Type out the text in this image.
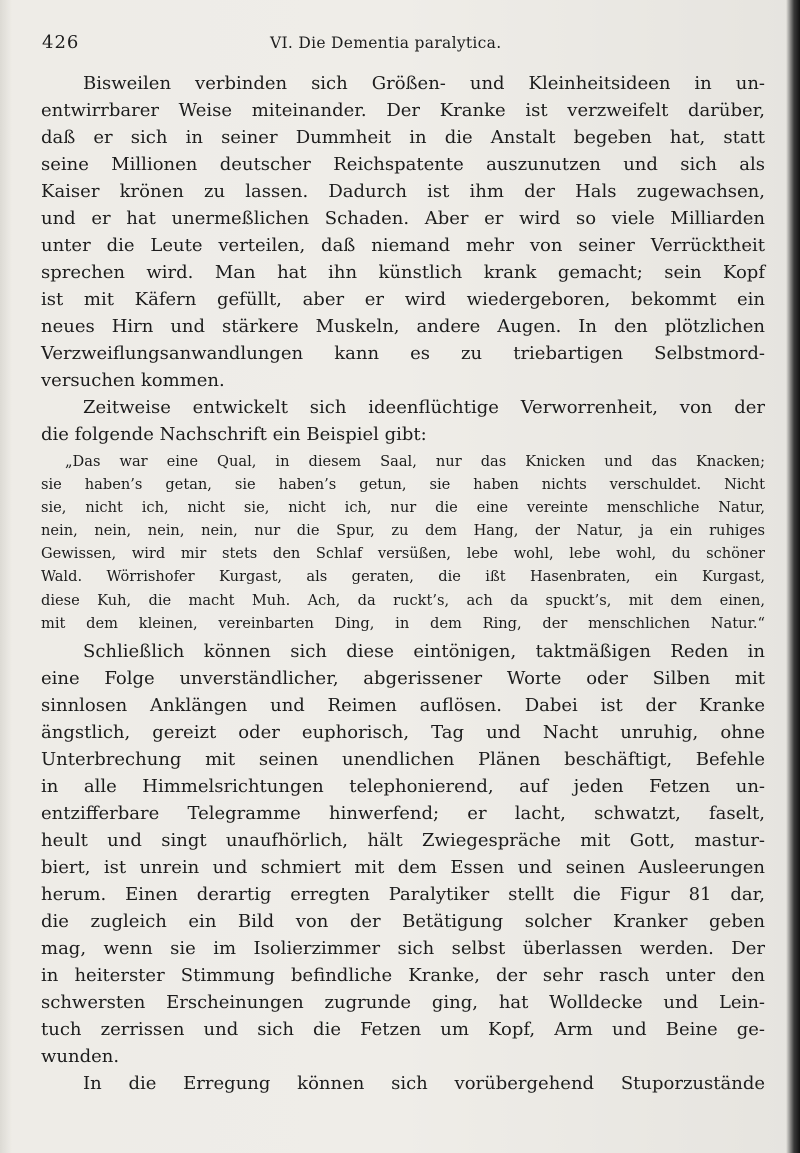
426	VI. Die Dementia paralytica.
Bisweilen verbinden sich Größen- und Kleinheitsideen in un-
entwirrbarer Weise miteinander. Der Kranke ist verzweifelt darüber,
daß er sich in seiner Dummheit in die Anstalt begeben hat, statt
seine Millionen deutscher Reichspatente auszunutzen und sich als
Kaiser krönen zu lassen. Dadurch ist ihm der Hals zugewachsen,
und er hat unermeßlichen Schaden. Aber er wird so viele Milliarden
unter die Leute verteilen, daß niemand mehr von seiner Verrücktheit
sprechen wird. Man hat ihn künstlich krank gemacht; sein Kopf
ist mit Käfern gefüllt, aber er wird wiedergeboren, bekommt ein
neues Hirn und stärkere Muskeln, andere Augen. In den plötzlichen
Verzweiflungsanwandlungen kann es zu triebartigen Selbstmord-
versuchen kommen.
Zeitweise entwickelt sich ideenflüchtige Verworrenheit, von der
die folgende Nachschrift ein Beispiel gibt:
„Das war eine Qual, in diesem Saal, nur das Knicken und das Knacken;
sie haben’s getan, sie haben’s getun, sie haben nichts verschuldet. Nicht
sie, nicht ich, nicht sie, nicht ich, nur die eine vereinte menschliche Natur,
nein, nein, nein, nein, nur die Spur, zu dem Hang, der Natur, ja ein ruhiges
Gewissen, wird mir stets den Schlaf versüßen, lebe wohl, lebe wohl, du schöner
Wald. Wörrishofer Kurgast, als geraten, die ißt Hasenbraten, ein Kurgast,
diese Kuh, die macht Muh. Ach, da ruckt’s, ach da spuckt’s, mit dem einen,
mit dem kleinen, vereinbarten Ding, in dem Ring, der menschlichen Natur.“
Schließlich können sich diese eintönigen, taktmäßigen Reden in
eine Folge unverständlicher, abgerissener Worte oder Silben mit
sinnlosen Anklängen und Reimen auflösen. Dabei ist der Kranke
ängstlich, gereizt oder euphorisch, Tag und Nacht unruhig, ohne
Unterbrechung mit seinen unendlichen Plänen beschäftigt, Befehle
in alle Himmelsrichtungen telephonierend, auf jeden Fetzen un-
entzifferbare Telegramme hinwerfend; er lacht, schwatzt, faselt,
heult und singt unaufhörlich, hält Zwiegespräche mit Gott, mastur-
biert, ist unrein und schmiert mit dem Essen und seinen Ausleerungen
herum. Einen derartig erregten Paralytiker stellt die Figur 81 dar,
die zugleich ein Bild von der Betätigung solcher Kranker geben
mag, wenn sie im Isolierzimmer sich selbst überlassen werden. Der
in heiterster Stimmung befindliche Kranke, der sehr rasch unter den
schwersten Erscheinungen zugrunde ging, hat Wolldecke und Lein-
tuch zerrissen und sich die Fetzen um Kopf, Arm und Beine ge-
wunden.
In die Erregung können sich vorübergehend Stuporzustände
